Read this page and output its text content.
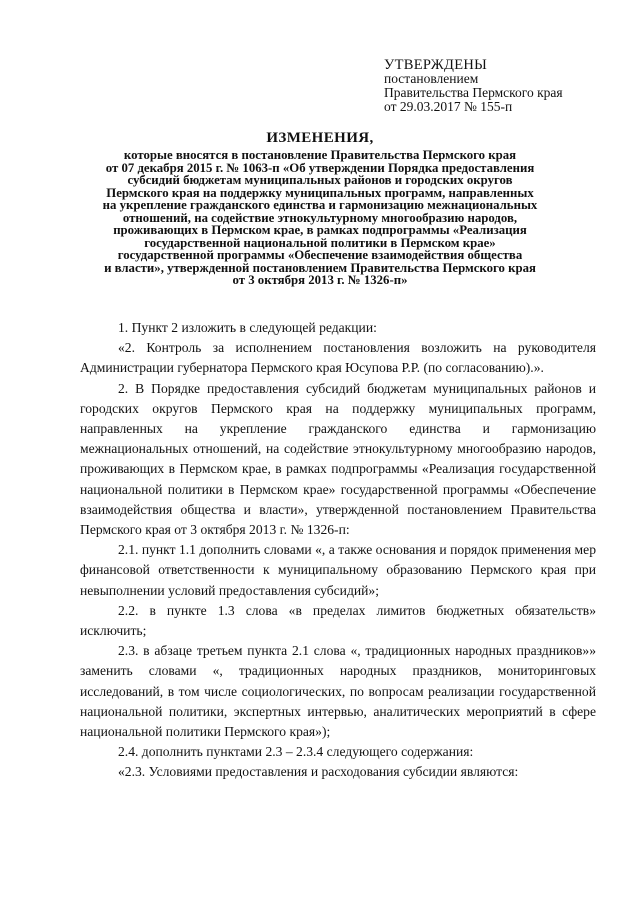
УТВЕРЖДЕНЫ
постановлением
Правительства Пермского края
от 29.03.2017 № 155-п
ИЗМЕНЕНИЯ,
которые вносятся в постановление Правительства Пермского края
от 07 декабря 2015 г. № 1063-п «Об утверждении Порядка предоставления
субсидий бюджетам муниципальных районов и городских округов
Пермского края на поддержку муниципальных программ, направленных
на укрепление гражданского единства и гармонизацию межнациональных
отношений, на содействие этнокультурному многообразию народов,
проживающих в Пермском крае, в рамках подпрограммы «Реализация
государственной национальной политики в Пермском крае»
государственной программы «Обеспечение взаимодействия общества
и власти», утвержденной постановлением Правительства Пермского края
от 3 октября 2013 г. № 1326-п»

1. Пункт 2 изложить в следующей редакции:

«2. Контроль за исполнением постановления возложить на руководителя Администрации губернатора Пермского края Юсупова Р.Р. (по согласованию).».

2. В Порядке предоставления субсидий бюджетам муниципальных районов и городских округов Пермского края на поддержку муниципальных программ, направленных на укрепление гражданского единства и гармонизацию межнациональных отношений, на содействие этнокультурному многообразию народов, проживающих в Пермском крае, в рамках подпрограммы «Реализация государственной национальной политики в Пермском крае» государственной программы «Обеспечение взаимодействия общества и власти», утвержденной постановлением Правительства Пермского края от 3 октября 2013 г. № 1326-п:

2.1. пункт 1.1 дополнить словами «, а также основания и порядок применения мер финансовой ответственности к муниципальному образованию Пермского края при невыполнении условий предоставления субсидий»;

2.2. в пункте 1.3 слова «в пределах лимитов бюджетных обязательств» исключить;

2.3. в абзаце третьем пункта 2.1 слова «, традиционных народных праздников»» заменить словами «, традиционных народных праздников, мониторинговых исследований, в том числе социологических, по вопросам реализации государственной национальной политики, экспертных интервью, аналитических мероприятий в сфере национальной политики Пермского края»);

2.4. дополнить пунктами 2.3 – 2.3.4 следующего содержания:

«2.3. Условиями предоставления и расходования субсидии являются:
